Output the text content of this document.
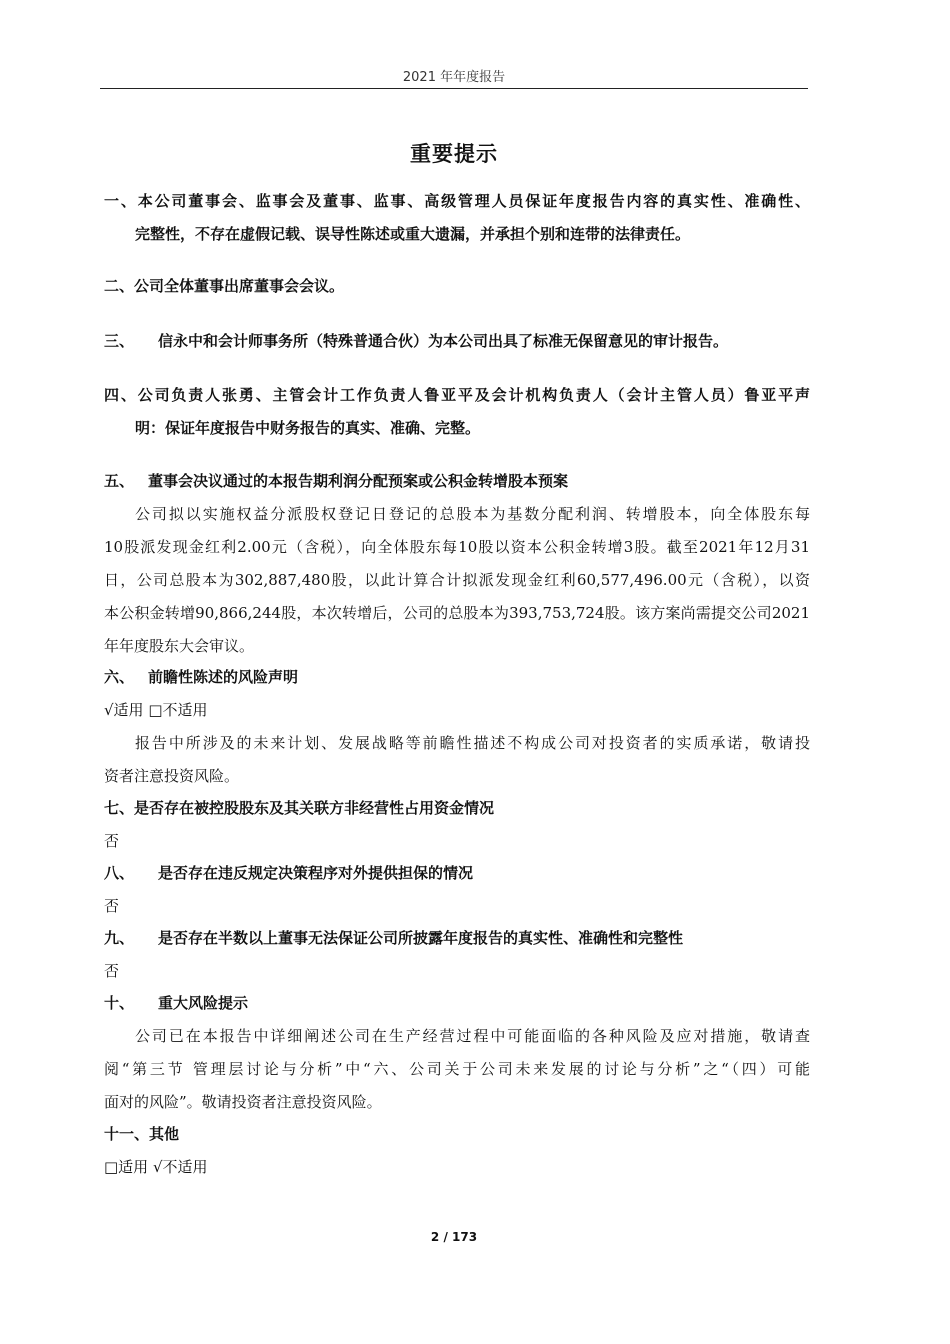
2021 年年度报告
重要提示
一、本公司董事会、监事会及董事、监事、高级管理人员保证年度报告内容的真实性、准确性、
完整性，不存在虚假记载、误导性陈述或重大遗漏，并承担个别和连带的法律责任。
二、公司全体董事出席董事会会议。
三、 信永中和会计师事务所（特殊普通合伙）为本公司出具了标准无保留意见的审计报告。
四、公司负责人张勇、主管会计工作负责人鲁亚平及会计机构负责人（会计主管人员）鲁亚平声
明：保证年度报告中财务报告的真实、准确、完整。
五、 董事会决议通过的本报告期利润分配预案或公积金转增股本预案
公司拟以实施权益分派股权登记日登记的总股本为基数分配利润、转增股本，向全体股东每
10股派发现金红利2.00元（含税），向全体股东每10股以资本公积金转增3股。截至2021年12月31
日，公司总股本为302,887,480股，以此计算合计拟派发现金红利60,577,496.00元（含税），以资
本公积金转增90,866,244股，本次转增后，公司的总股本为393,753,724股。该方案尚需提交公司2021
年年度股东大会审议。
六、 前瞻性陈述的风险声明
√适用 □不适用
报告中所涉及的未来计划、发展战略等前瞻性描述不构成公司对投资者的实质承诺，敬请投
资者注意投资风险。
七、是否存在被控股股东及其关联方非经营性占用资金情况
否
八、 是否存在违反规定决策程序对外提供担保的情况
否
九、 是否存在半数以上董事无法保证公司所披露年度报告的真实性、准确性和完整性
否
十、 重大风险提示
公司已在本报告中详细阐述公司在生产经营过程中可能面临的各种风险及应对措施，敬请查
阅“第三节 管理层讨论与分析”中“六、公司关于公司未来发展的讨论与分析”之“（四）可能
面对的风险”。敬请投资者注意投资风险。
十一、其他
□适用 √不适用
2 / 173
